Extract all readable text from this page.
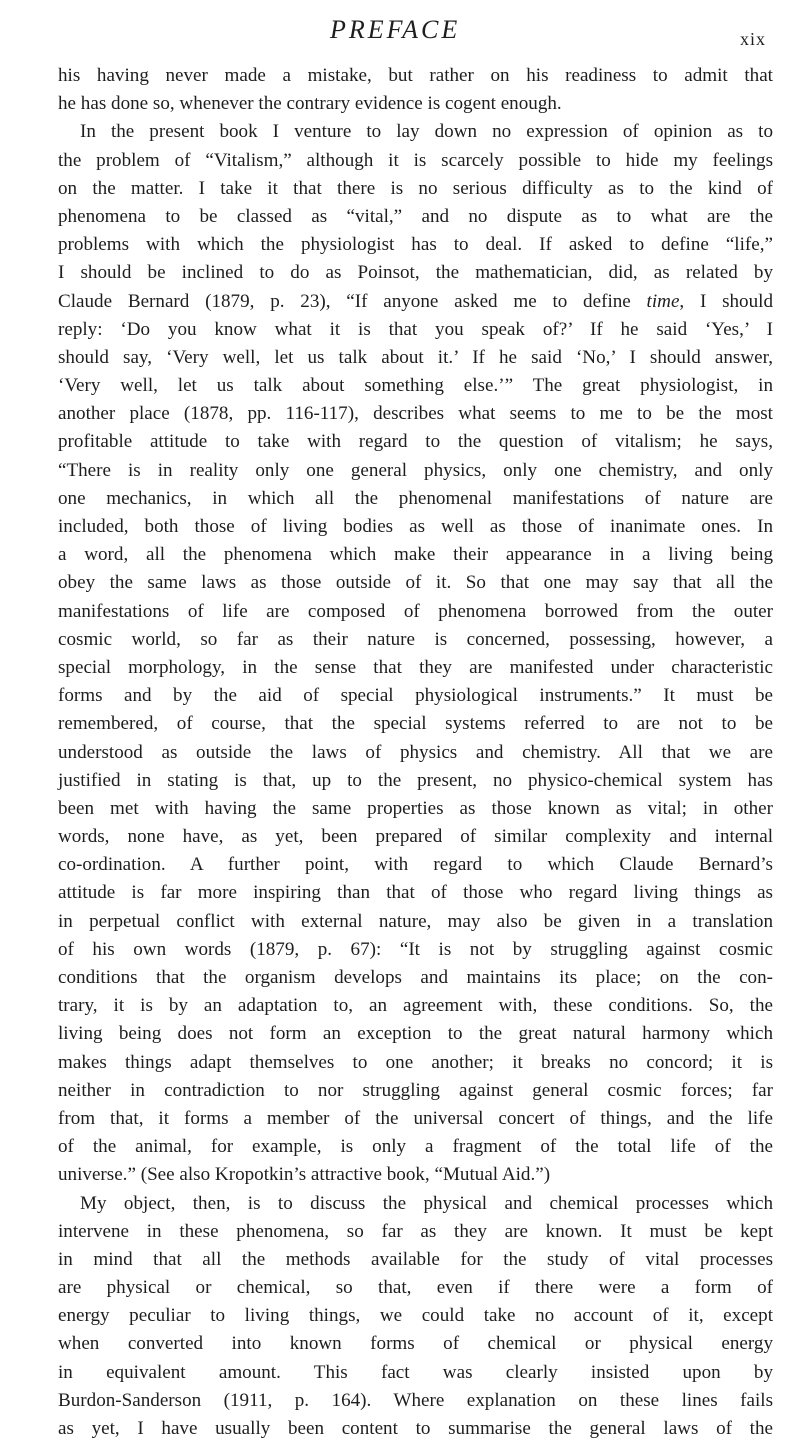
PREFACE	xix
his having never made a mistake, but rather on his readiness to admit that
he has done so, whenever the contrary evidence is cogent enough.
In the present book I venture to lay down no expression of opinion as to
the problem of “Vitalism,” although it is scarcely possible to hide my feelings
on the matter. I take it that there is no serious difficulty as to the kind of
phenomena to be classed as “vital,” and no dispute as to what are the
problems with which the physiologist has to deal. If asked to define “life,”
I should be inclined to do as Poinsot, the mathematician, did, as related by
Claude Bernard (1879, p. 23), “If anyone asked me to define time, I should
reply: ‘Do you know what it is that you speak of?’ If he said ‘Yes,’ I
should say, ‘Very well, let us talk about it.’ If he said ‘No,’ I should answer,
‘Very well, let us talk about something else.’” The great physiologist, in
another place (1878, pp. 116-117), describes what seems to me to be the most
profitable attitude to take with regard to the question of vitalism; he says,
“There is in reality only one general physics, only one chemistry, and only
one mechanics, in which all the phenomenal manifestations of nature are
included, both those of living bodies as well as those of inanimate ones. In
a word, all the phenomena which make their appearance in a living being
obey the same laws as those outside of it. So that one may say that all the
manifestations of life are composed of phenomena borrowed from the outer
cosmic world, so far as their nature is concerned, possessing, however, a
special morphology, in the sense that they are manifested under characteristic
forms and by the aid of special physiological instruments.” It must be
remembered, of course, that the special systems referred to are not to be
understood as outside the laws of physics and chemistry. All that we are
justified in stating is that, up to the present, no physico-chemical system has
been met with having the same properties as those known as vital; in other
words, none have, as yet, been prepared of similar complexity and internal
co-ordination. A further point, with regard to which Claude Bernard’s
attitude is far more inspiring than that of those who regard living things as
in perpetual conflict with external nature, may also be given in a translation
of his own words (1879, p. 67): “It is not by struggling against cosmic
conditions that the organism develops and maintains its place; on the con-
trary, it is by an adaptation to, an agreement with, these conditions. So, the
living being does not form an exception to the great natural harmony which
makes things adapt themselves to one another; it breaks no concord; it is
neither in contradiction to nor struggling against general cosmic forces; far
from that, it forms a member of the universal concert of things, and the life
of the animal, for example, is only a fragment of the total life of the
universe.” (See also Kropotkin’s attractive book, “Mutual Aid.”)
My object, then, is to discuss the physical and chemical processes which
intervene in these phenomena, so far as they are known. It must be kept
in mind that all the methods available for the study of vital processes
are physical or chemical, so that, even if there were a form of
energy peculiar to living things, we could take no account of it, except
when converted into known forms of chemical or physical energy
in equivalent amount. This fact was clearly insisted upon by
Burdon-Sanderson (1911, p. 164). Where explanation on these lines fails
as yet, I have usually been content to summarise the general laws of the
